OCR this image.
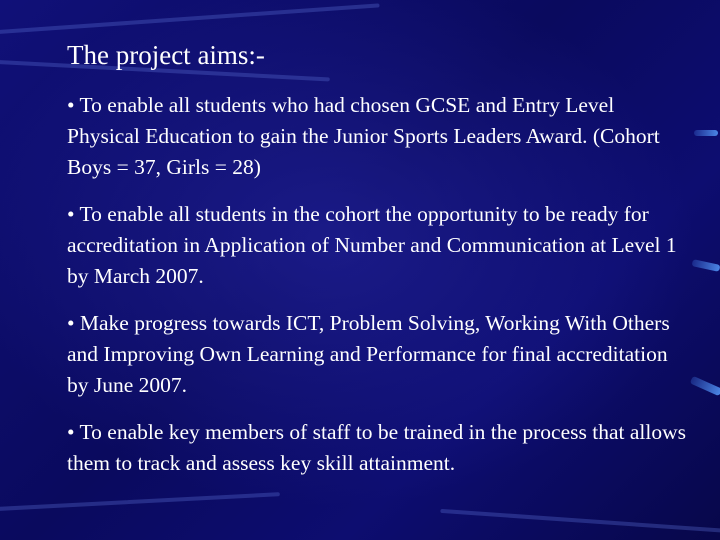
The project aims:-
• To enable all students who had chosen GCSE and Entry Level Physical Education to gain the Junior Sports Leaders Award. (Cohort Boys = 37, Girls = 28)
• To enable all students in the cohort the opportunity to be ready for accreditation in Application of Number and Communication at Level 1 by March 2007.
• Make progress towards ICT, Problem Solving, Working With Others and Improving Own Learning and Performance for final accreditation by June 2007.
• To enable key members of staff to be trained in the process that allows them to track and assess key skill attainment.
